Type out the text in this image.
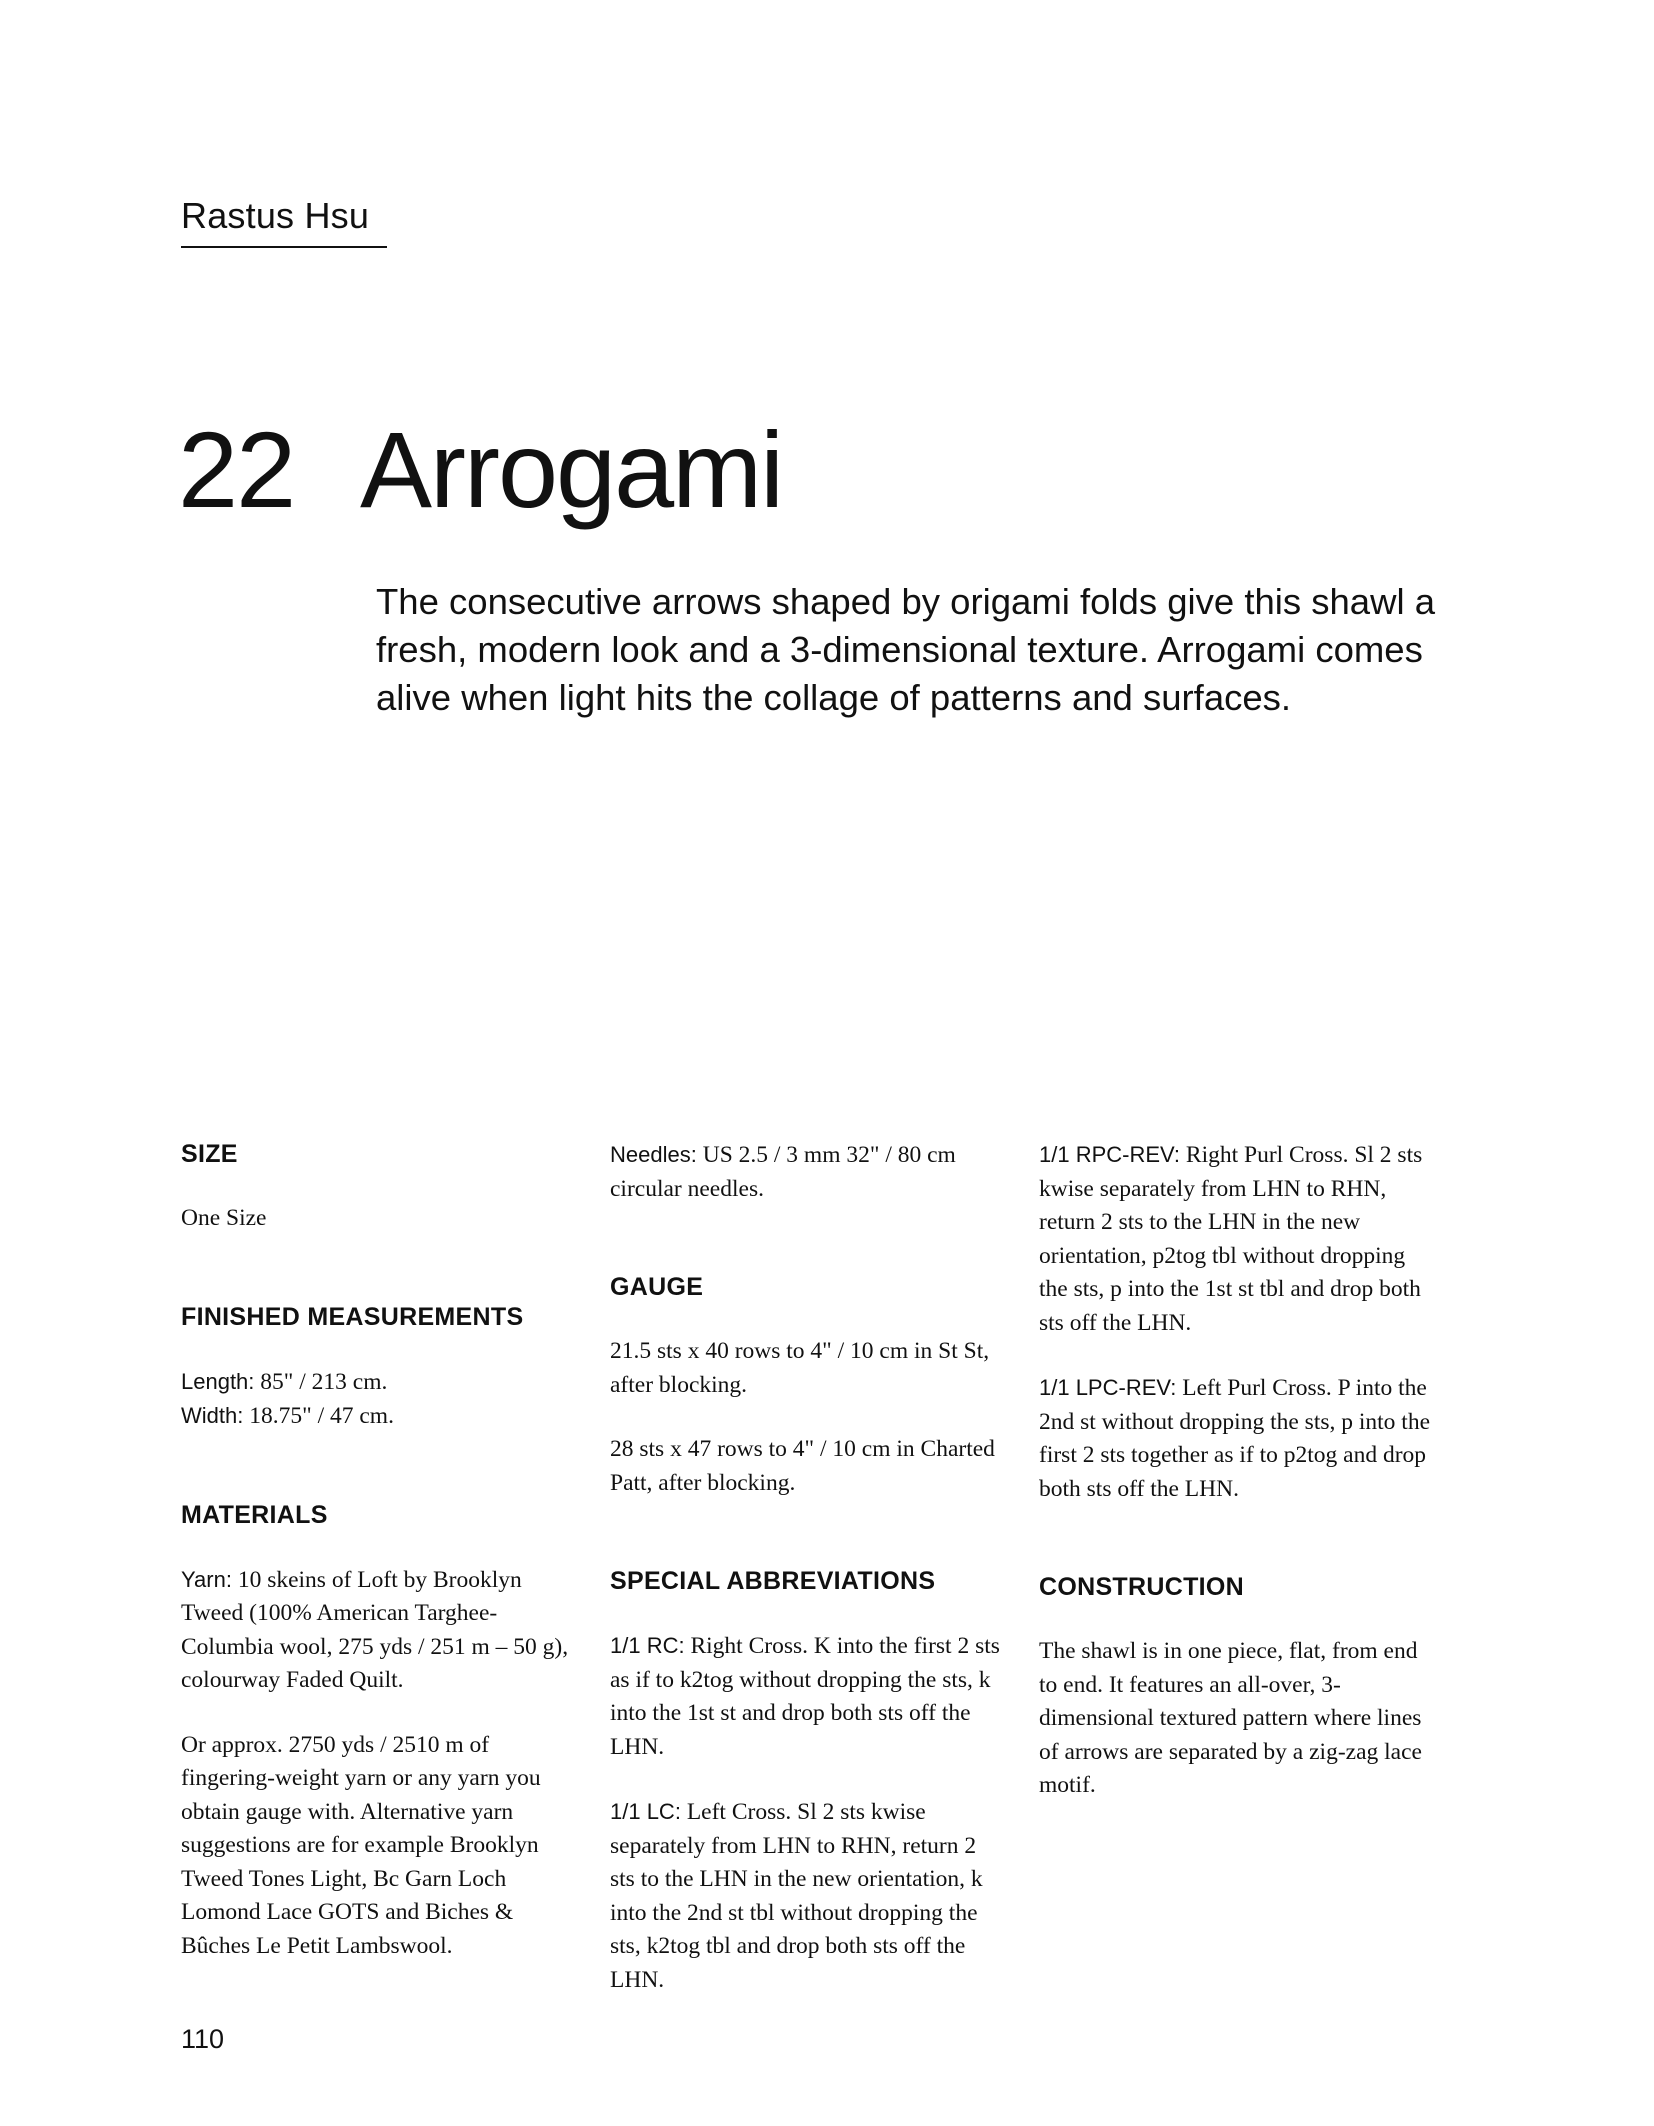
Rastus Hsu
22 Arrogami

The consecutive arrows shaped by origami folds give this shawl a fresh, modern look and a 3-dimensional texture. Arrogami comes alive when light hits the collage of patterns and surfaces.

SIZE

One Size

FINISHED MEASUREMENTS

Length: 85" / 213 cm.

Width: 18.75" / 47 cm.

MATERIALS

Yarn: 10 skeins of Loft by Brooklyn Tweed (100% American Targhee-Columbia wool, 275 yds / 251 m – 50 g), colourway Faded Quilt.

Or approx. 2750 yds / 2510 m of fingering-weight yarn or any yarn you obtain gauge with. Alternative yarn suggestions are for example Brooklyn Tweed Tones Light, Bc Garn Loch Lomond Lace GOTS and Biches & Bûches Le Petit Lambswool.

Needles: US 2.5 / 3 mm 32" / 80 cm circular needles.

GAUGE

21.5 sts x 40 rows to 4" / 10 cm in St St, after blocking.

28 sts x 47 rows to 4" / 10 cm in Charted Patt, after blocking.

SPECIAL ABBREVIATIONS

1/1 RC: Right Cross. K into the first 2 sts as if to k2tog without dropping the sts, k into the 1st st and drop both sts off the LHN.

1/1 LC: Left Cross. Sl 2 sts kwise separately from LHN to RHN, return 2 sts to the LHN in the new orientation, k into the 2nd st tbl without dropping the sts, k2tog tbl and drop both sts off the LHN.

1/1 RPC-REV: Right Purl Cross. Sl 2 sts kwise separately from LHN to RHN, return 2 sts to the LHN in the new orientation, p2tog tbl without dropping the sts, p into the 1st st tbl and drop both sts off the LHN.

1/1 LPC-REV: Left Purl Cross. P into the 2nd st without dropping the sts, p into the first 2 sts together as if to p2tog and drop both sts off the LHN.

CONSTRUCTION

The shawl is in one piece, flat, from end to end. It features an all-over, 3-dimensional textured pattern where lines of arrows are separated by a zig-zag lace motif.

110
